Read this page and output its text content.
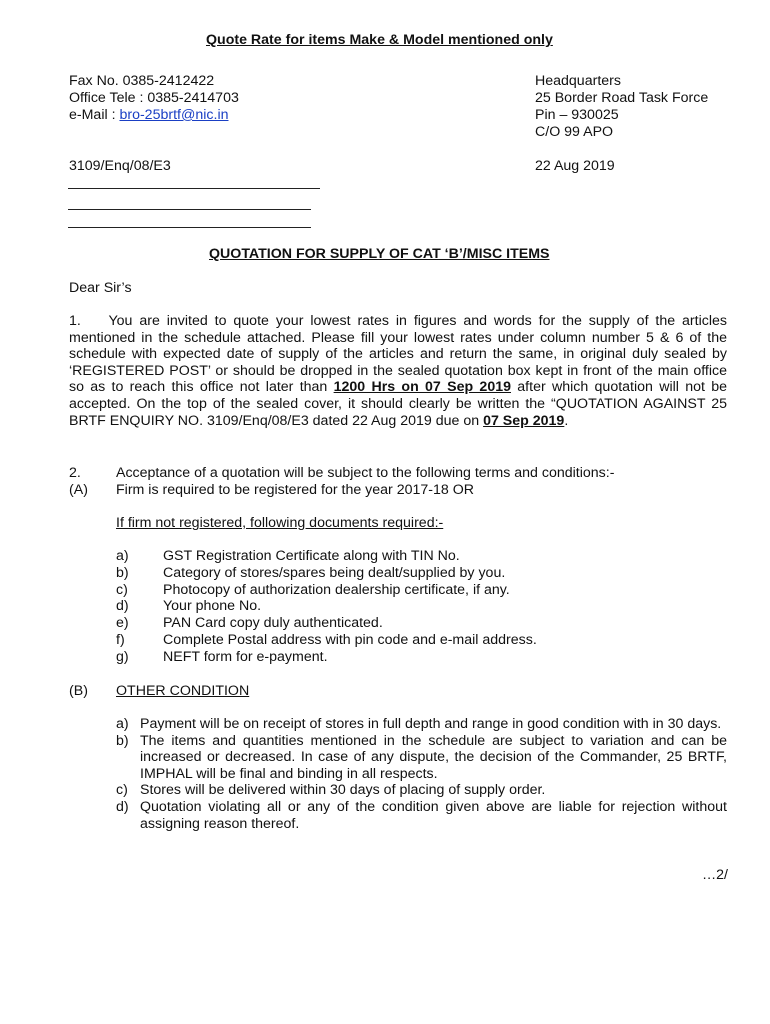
Quote Rate for items Make & Model mentioned only
Fax No. 0385-2412422
Office Tele : 0385-2414703
e-Mail : bro-25brtf@nic.in
Headquarters
25 Border Road Task Force
Pin – 930025
C/O 99 APO
3109/Enq/08/E3	22 Aug 2019
QUOTATION FOR SUPPLY OF CAT ‘B’/MISC ITEMS
Dear Sir’s
1. You are invited to quote your lowest rates in figures and words for the supply of the articles mentioned in the schedule attached. Please fill your lowest rates under column number 5 & 6 of the schedule with expected date of supply of the articles and return the same, in original duly sealed by ‘REGISTERED POST’ or should be dropped in the sealed quotation box kept in front of the main office so as to reach this office not later than 1200 Hrs on 07 Sep 2019 after which quotation will not be accepted. On the top of the sealed cover, it should clearly be written the “QUOTATION AGAINST 25 BRTF ENQUIRY NO. 3109/Enq/08/E3 dated 22 Aug 2019 due on 07 Sep 2019.
2. Acceptance of a quotation will be subject to the following terms and conditions:-
(A) Firm is required to be registered for the year 2017-18 OR
If firm not registered, following documents required:-
a)	GST Registration Certificate along with TIN No.
b)	Category of stores/spares being dealt/supplied by you.
c)	Photocopy of authorization dealership certificate, if any.
d)	Your phone No.
e)	PAN Card copy duly authenticated.
f)	Complete Postal address with pin code and e-mail address.
g)	NEFT form for e-payment.
(B) OTHER CONDITION
a) Payment will be on receipt of stores in full depth and range in good condition with in 30 days.
b) The items and quantities mentioned in the schedule are subject to variation and can be increased or decreased. In case of any dispute, the decision of the Commander, 25 BRTF, IMPHAL will be final and binding in all respects.
c) Stores will be delivered within 30 days of placing of supply order.
d) Quotation violating all or any of the condition given above are liable for rejection without assigning reason thereof.
…2/
